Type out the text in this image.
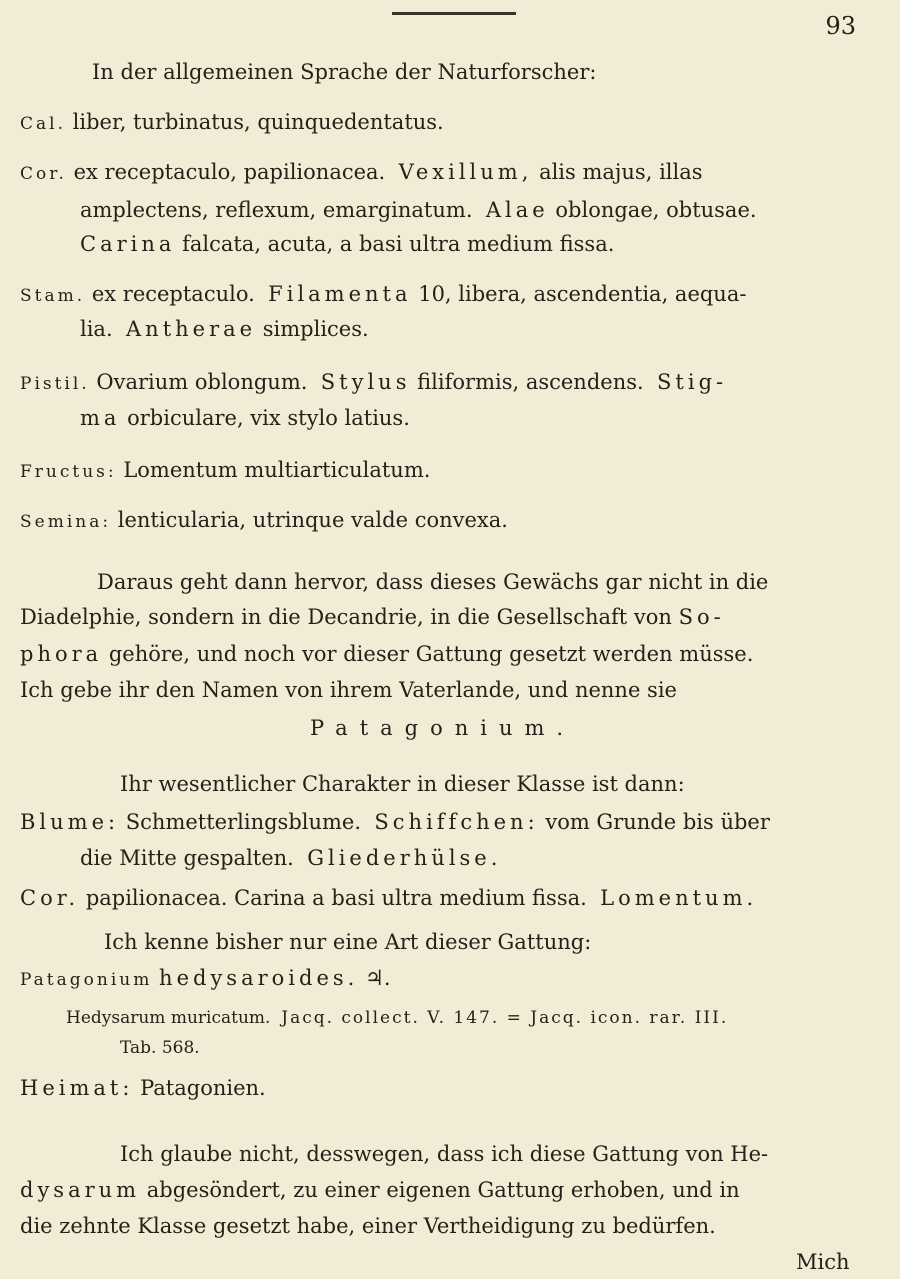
93
In der allgemeinen Sprache der Naturforscher:
Cal. liber, turbinatus, quinquedentatus.
Cor. ex receptaculo, papilionacea. Vexillum, alis majus, illas
amplectens, reflexum, emarginatum. Alae oblongae, obtusae.
Carina falcata, acuta, a basi ultra medium fissa.
Stam. ex receptaculo. Filamenta 10, libera, ascendentia, aequa-
lia. Antherae simplices.
Pistil. Ovarium oblongum. Stylus filiformis, ascendens. Stig-
ma orbiculare, vix stylo latius.
Fructus: Lomentum multiarticulatum.
Semina: lenticularia, utrinque valde convexa.
Daraus geht dann hervor, dass dieses Gewächs gar nicht in die
Diadelphie, sondern in die Decandrie, in die Gesellschaft von So-
phora gehöre, und noch vor dieser Gattung gesetzt werden müsse.
Ich gebe ihr den Namen von ihrem Vaterlande, und nenne sie
Patagonium.
Ihr wesentlicher Charakter in dieser Klasse ist dann:
Blume: Schmetterlingsblume. Schiffchen: vom Grunde bis über
die Mitte gespalten. Gliederhülse.
Cor. papilionacea. Carina a basi ultra medium fissa. Lomentum.
Ich kenne bisher nur eine Art dieser Gattung:
Patagonium hedysaroides. ♃.
Hedysarum muricatum. Jacq. collect. V. 147. = Jacq. icon. rar. III.
Tab. 568.
Heimat: Patagonien.
Ich glaube nicht, desswegen, dass ich diese Gattung von He-
dysarum abgesöndert, zu einer eigenen Gattung erhoben, und in
die zehnte Klasse gesetzt habe, einer Vertheidigung zu bedürfen.
Mich
